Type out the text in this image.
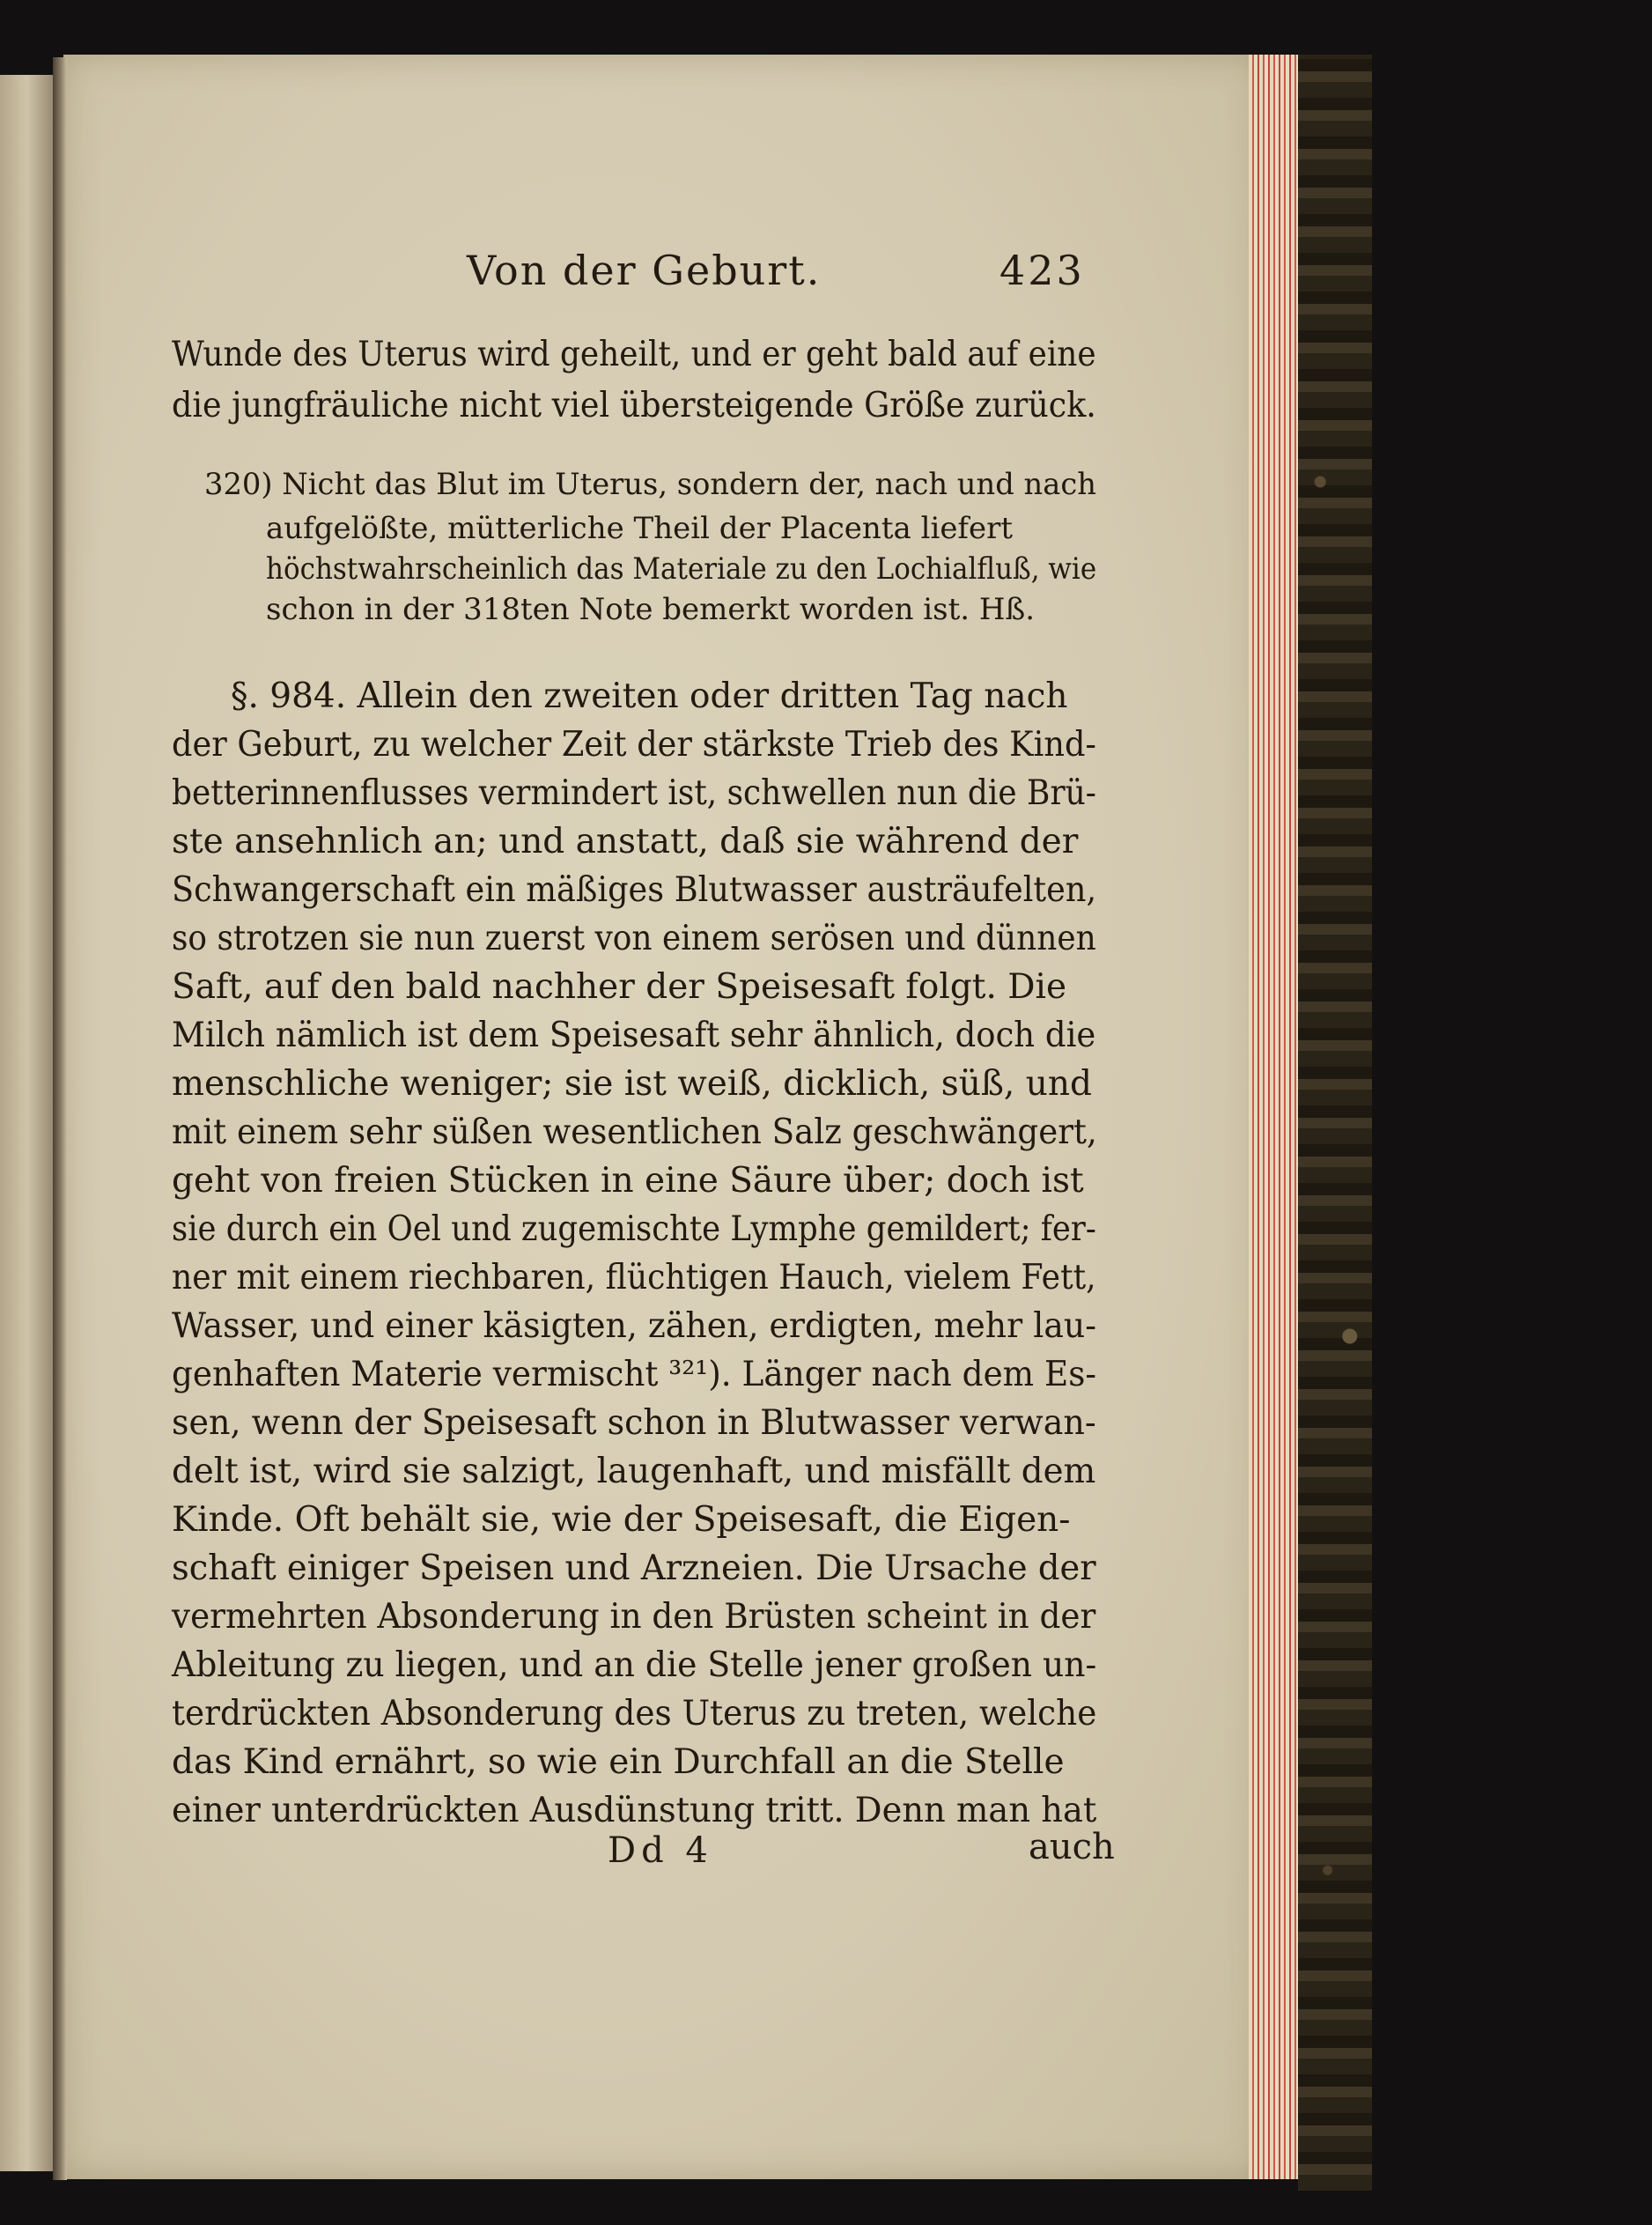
Von der Geburt.	423
Wunde des Uterus wird geheilt, und er geht bald auf eine
die jungfräuliche nicht viel übersteigende Größe zurück.
320) Nicht das Blut im Uterus, sondern der, nach und nach
aufgelößte, mütterliche Theil der Placenta liefert
höchstwahrscheinlich das Materiale zu den Lochialfluß, wie
schon in der 318ten Note bemerkt worden ist. Hß.
§. 984. Allein den zweiten oder dritten Tag nach
der Geburt, zu welcher Zeit der stärkste Trieb des Kind-
betterinnenflusses vermindert ist, schwellen nun die Brü-
ste ansehnlich an; und anstatt, daß sie während der
Schwangerschaft ein mäßiges Blutwasser austräufelten,
so strotzen sie nun zuerst von einem serösen und dünnen
Saft, auf den bald nachher der Speisesaft folgt. Die
Milch nämlich ist dem Speisesaft sehr ähnlich, doch die
menschliche weniger; sie ist weiß, dicklich, süß, und
mit einem sehr süßen wesentlichen Salz geschwängert,
geht von freien Stücken in eine Säure über; doch ist
sie durch ein Oel und zugemischte Lymphe gemildert; fer-
ner mit einem riechbaren, flüchtigen Hauch, vielem Fett,
Wasser, und einer käsigten, zähen, erdigten, mehr lau-
genhaften Materie vermischt ³²¹). Länger nach dem Es-
sen, wenn der Speisesaft schon in Blutwasser verwan-
delt ist, wird sie salzigt, laugenhaft, und misfällt dem
Kinde. Oft behält sie, wie der Speisesaft, die Eigen-
schaft einiger Speisen und Arzneien. Die Ursache der
vermehrten Absonderung in den Brüsten scheint in der
Ableitung zu liegen, und an die Stelle jener großen un-
terdrückten Absonderung des Uterus zu treten, welche
das Kind ernährt, so wie ein Durchfall an die Stelle
einer unterdrückten Ausdünstung tritt. Denn man hat
Dd 4	auch
